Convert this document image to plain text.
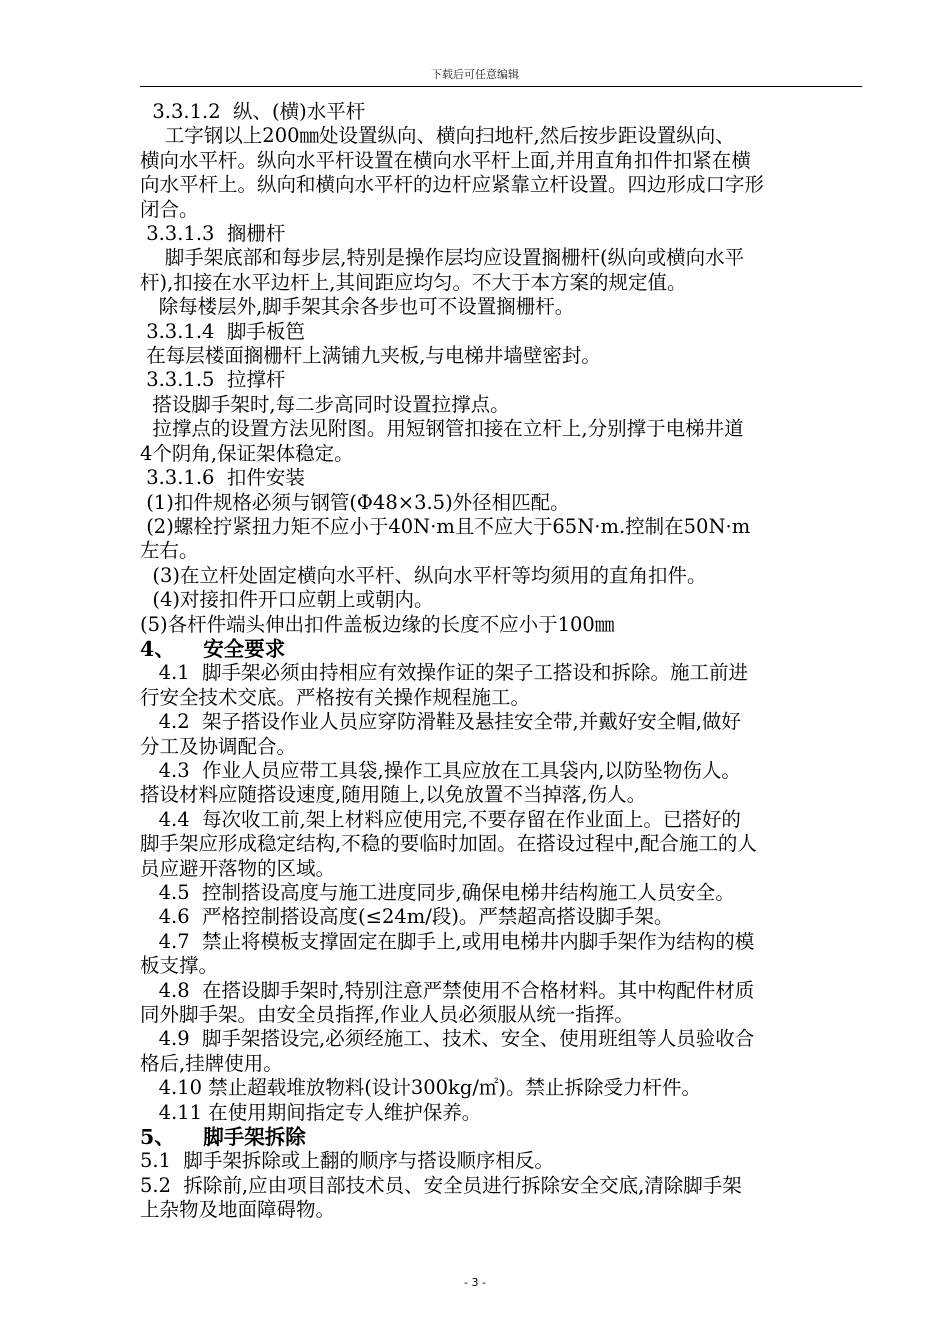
下载后可任意编辑
3.3.1.2  纵、(横)水平杆
工字钢以上200㎜处设置纵向、横向扫地杆,然后按步距设置纵向、
横向水平杆。纵向水平杆设置在横向水平杆上面,并用直角扣件扣紧在横
向水平杆上。纵向和横向水平杆的边杆应紧靠立杆设置。四边形成口字形
闭合。
3.3.1.3  搁栅杆
脚手架底部和每步层,特别是操作层均应设置搁栅杆(纵向或横向水平
杆),扣接在水平边杆上,其间距应均匀。不大于本方案的规定值。
除每楼层外,脚手架其余各步也可不设置搁栅杆。
3.3.1.4  脚手板笆
在每层楼面搁栅杆上满铺九夹板,与电梯井墙壁密封。
3.3.1.5  拉撑杆
搭设脚手架时,每二步高同时设置拉撑点。
拉撑点的设置方法见附图。用短钢管扣接在立杆上,分别撑于电梯井道
4个阴角,保证架体稳定。
3.3.1.6  扣件安装
(1)扣件规格必须与钢管(Φ48×3.5)外径相匹配。
(2)螺栓拧紧扭力矩不应小于40N·m且不应大于65N·m.控制在50N·m
左右。
(3)在立杆处固定横向水平杆、纵向水平杆等均须用的直角扣件。
(4)对接扣件开口应朝上或朝内。
(5)各杆件端头伸出扣件盖板边缘的长度不应小于100㎜
4、    安全要求
4.1  脚手架必须由持相应有效操作证的架子工搭设和拆除。施工前进
行安全技术交底。严格按有关操作规程施工。
4.2  架子搭设作业人员应穿防滑鞋及悬挂安全带,并戴好安全帽,做好
分工及协调配合。
4.3  作业人员应带工具袋,操作工具应放在工具袋内,以防坠物伤人。
搭设材料应随搭设速度,随用随上,以免放置不当掉落,伤人。
4.4  每次收工前,架上材料应使用完,不要存留在作业面上。已搭好的
脚手架应形成稳定结构,不稳的要临时加固。在搭设过程中,配合施工的人
员应避开落物的区域。
4.5  控制搭设高度与施工进度同步,确保电梯井结构施工人员安全。
4.6  严格控制搭设高度(≤24m/段)。严禁超高搭设脚手架。
4.7  禁止将模板支撑固定在脚手上,或用电梯井内脚手架作为结构的模
板支撑。
4.8  在搭设脚手架时,特别注意严禁使用不合格材料。其中构配件材质
同外脚手架。由安全员指挥,作业人员必须服从统一指挥。
4.9  脚手架搭设完,必须经施工、技术、安全、使用班组等人员验收合
格后,挂牌使用。
4.10 禁止超载堆放物料(设计300kg/㎡)。禁止拆除受力杆件。
4.11 在使用期间指定专人维护保养。
5、    脚手架拆除
5.1  脚手架拆除或上翻的顺序与搭设顺序相反。
5.2  拆除前,应由项目部技术员、安全员进行拆除安全交底,清除脚手架
上杂物及地面障碍物。
- 3 -
